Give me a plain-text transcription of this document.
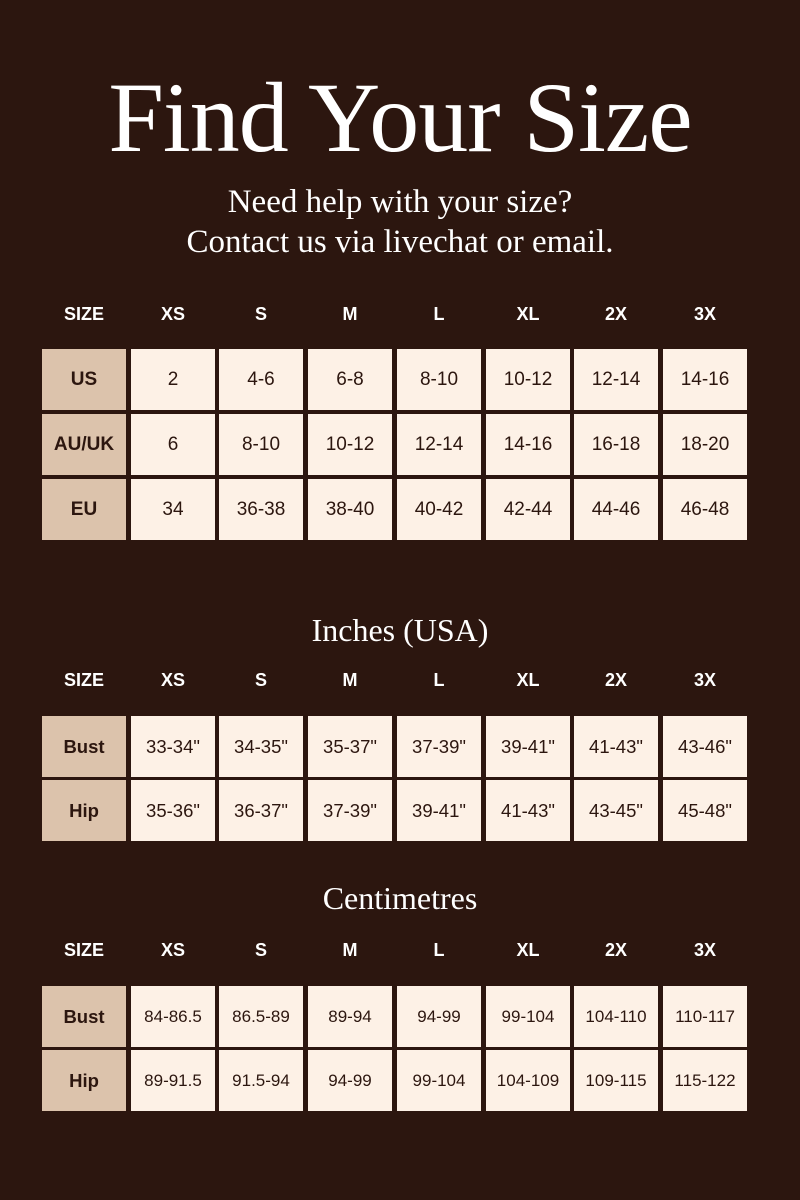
Find Your Size
Need help with your size?
Contact us via livechat or email.
SIZE	XS	S	M	L	XL	2X	3X
US	2	4-6	6-8	8-10	10-12	12-14	14-16
AU/UK	6	8-10	10-12	12-14	14-16	16-18	18-20
EU	34	36-38	38-40	40-42	42-44	44-46	46-48
Inches (USA)
SIZE	XS	S	M	L	XL	2X	3X
Bust	33-34"	34-35"	35-37"	37-39"	39-41"	41-43"	43-46"
Hip	35-36"	36-37"	37-39"	39-41"	41-43"	43-45"	45-48"
Centimetres
SIZE	XS	S	M	L	XL	2X	3X
Bust	84-86.5	86.5-89	89-94	94-99	99-104	104-110	110-117
Hip	89-91.5	91.5-94	94-99	99-104	104-109	109-115	115-122
